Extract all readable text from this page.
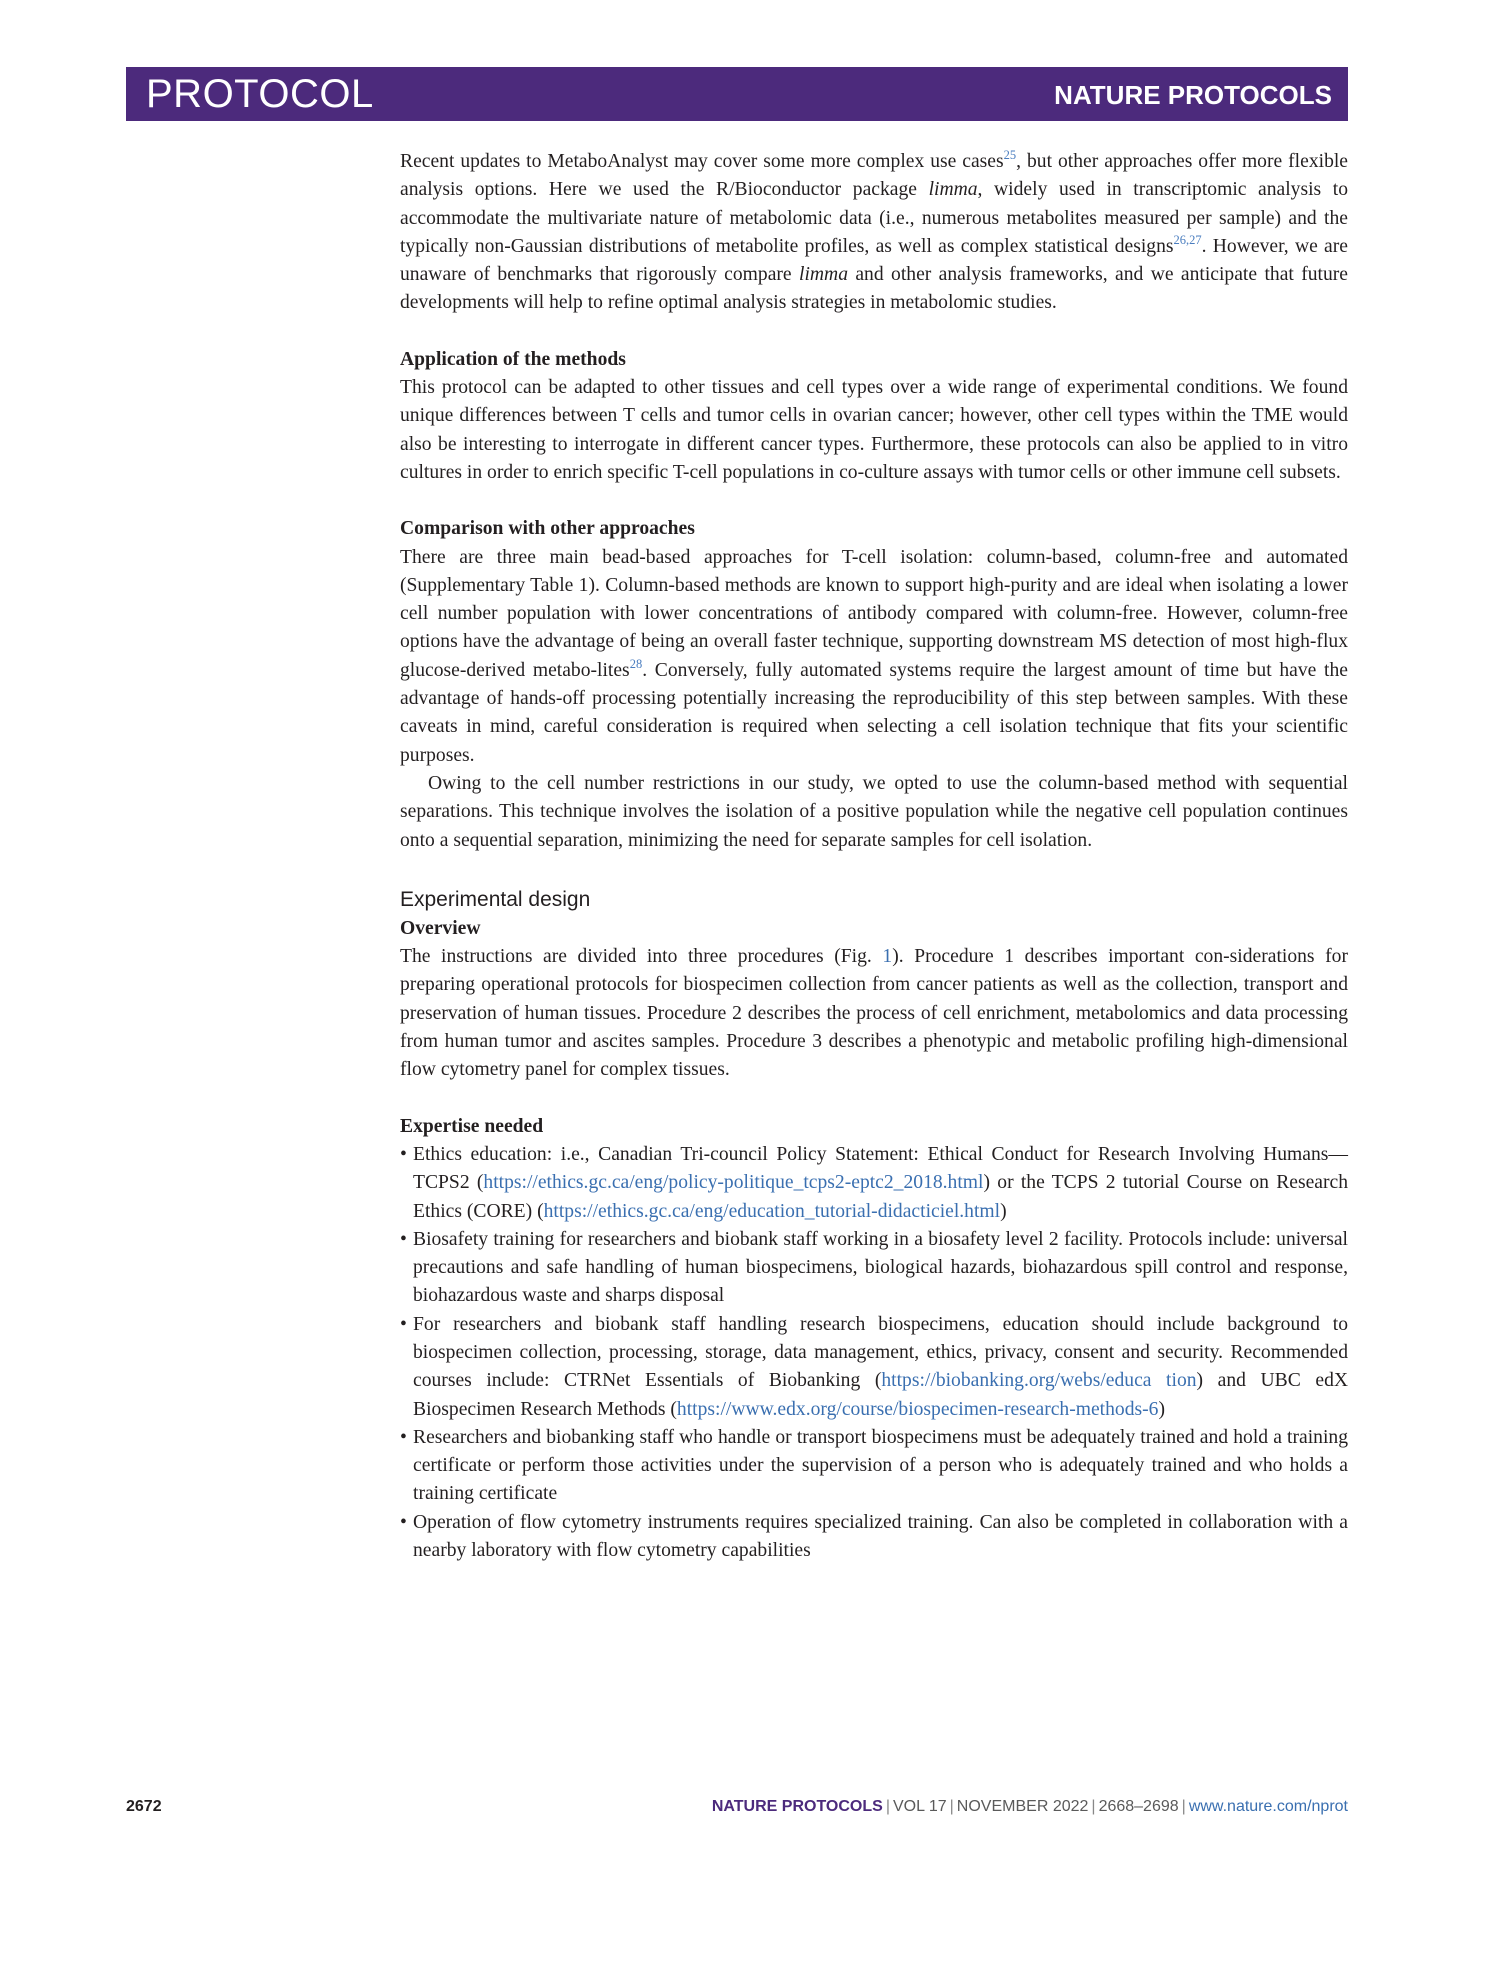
PROTOCOL	NATURE PROTOCOLS

Recent updates to MetaboAnalyst may cover some more complex use cases$^{25}$, but other approaches offer more flexible analysis options. Here we used the R/Bioconductor package limma, widely used in transcriptomic analysis to accommodate the multivariate nature of metabolomic data (i.e., numerous metabolites measured per sample) and the typically non-Gaussian distributions of metabolite profiles, as well as complex statistical designs$^{26,27}$. However, we are unaware of benchmarks that rigorously compare limma and other analysis frameworks, and we anticipate that future developments will help to refine optimal analysis strategies in metabolomic studies.

Application of the methods

This protocol can be adapted to other tissues and cell types over a wide range of experimental conditions. We found unique differences between T cells and tumor cells in ovarian cancer; however, other cell types within the TME would also be interesting to interrogate in different cancer types. Furthermore, these protocols can also be applied to in vitro cultures in order to enrich specific T-cell populations in co-culture assays with tumor cells or other immune cell subsets.

Comparison with other approaches

There are three main bead-based approaches for T-cell isolation: column-based, column-free and automated (Supplementary Table 1). Column-based methods are known to support high-purity and are ideal when isolating a lower cell number population with lower concentrations of antibody compared with column-free. However, column-free options have the advantage of being an overall faster technique, supporting downstream MS detection of most high-flux glucose-derived metabo-lites$^{28}$. Conversely, fully automated systems require the largest amount of time but have the advantage of hands-off processing potentially increasing the reproducibility of this step between samples. With these caveats in mind, careful consideration is required when selecting a cell isolation technique that fits your scientific purposes.

Owing to the cell number restrictions in our study, we opted to use the column-based method with sequential separations. This technique involves the isolation of a positive population while the negative cell population continues onto a sequential separation, minimizing the need for separate samples for cell isolation.

Experimental design

Overview

The instructions are divided into three procedures (Fig. 1). Procedure 1 describes important con-siderations for preparing operational protocols for biospecimen collection from cancer patients as well as the collection, transport and preservation of human tissues. Procedure 2 describes the process of cell enrichment, metabolomics and data processing from human tumor and ascites samples. Procedure 3 describes a phenotypic and metabolic profiling high-dimensional flow cytometry panel for complex tissues.

Expertise needed

• Ethics education: i.e., Canadian Tri-council Policy Statement: Ethical Conduct for Research Involving Humans—TCPS2 (https://ethics.gc.ca/eng/policy-politique_tcps2-eptc2_2018.html) or the TCPS 2 tutorial Course on Research Ethics (CORE) (https://ethics.gc.ca/eng/education_tutorial-didacticiel.html)
• Biosafety training for researchers and biobank staff working in a biosafety level 2 facility. Protocols include: universal precautions and safe handling of human biospecimens, biological hazards, biohazardous spill control and response, biohazardous waste and sharps disposal
• For researchers and biobank staff handling research biospecimens, education should include background to biospecimen collection, processing, storage, data management, ethics, privacy, consent and security. Recommended courses include: CTRNet Essentials of Biobanking (https://biobanking.org/webs/educa tion) and UBC edX Biospecimen Research Methods (https://www.edx.org/course/biospecimen-research-methods-6)
• Researchers and biobanking staff who handle or transport biospecimens must be adequately trained and hold a training certificate or perform those activities under the supervision of a person who is adequately trained and who holds a training certificate
• Operation of flow cytometry instruments requires specialized training. Can also be completed in collaboration with a nearby laboratory with flow cytometry capabilities
2672	NATURE PROTOCOLS | VOL 17 | NOVEMBER 2022 | 2668–2698 | www.nature.com/nprot
